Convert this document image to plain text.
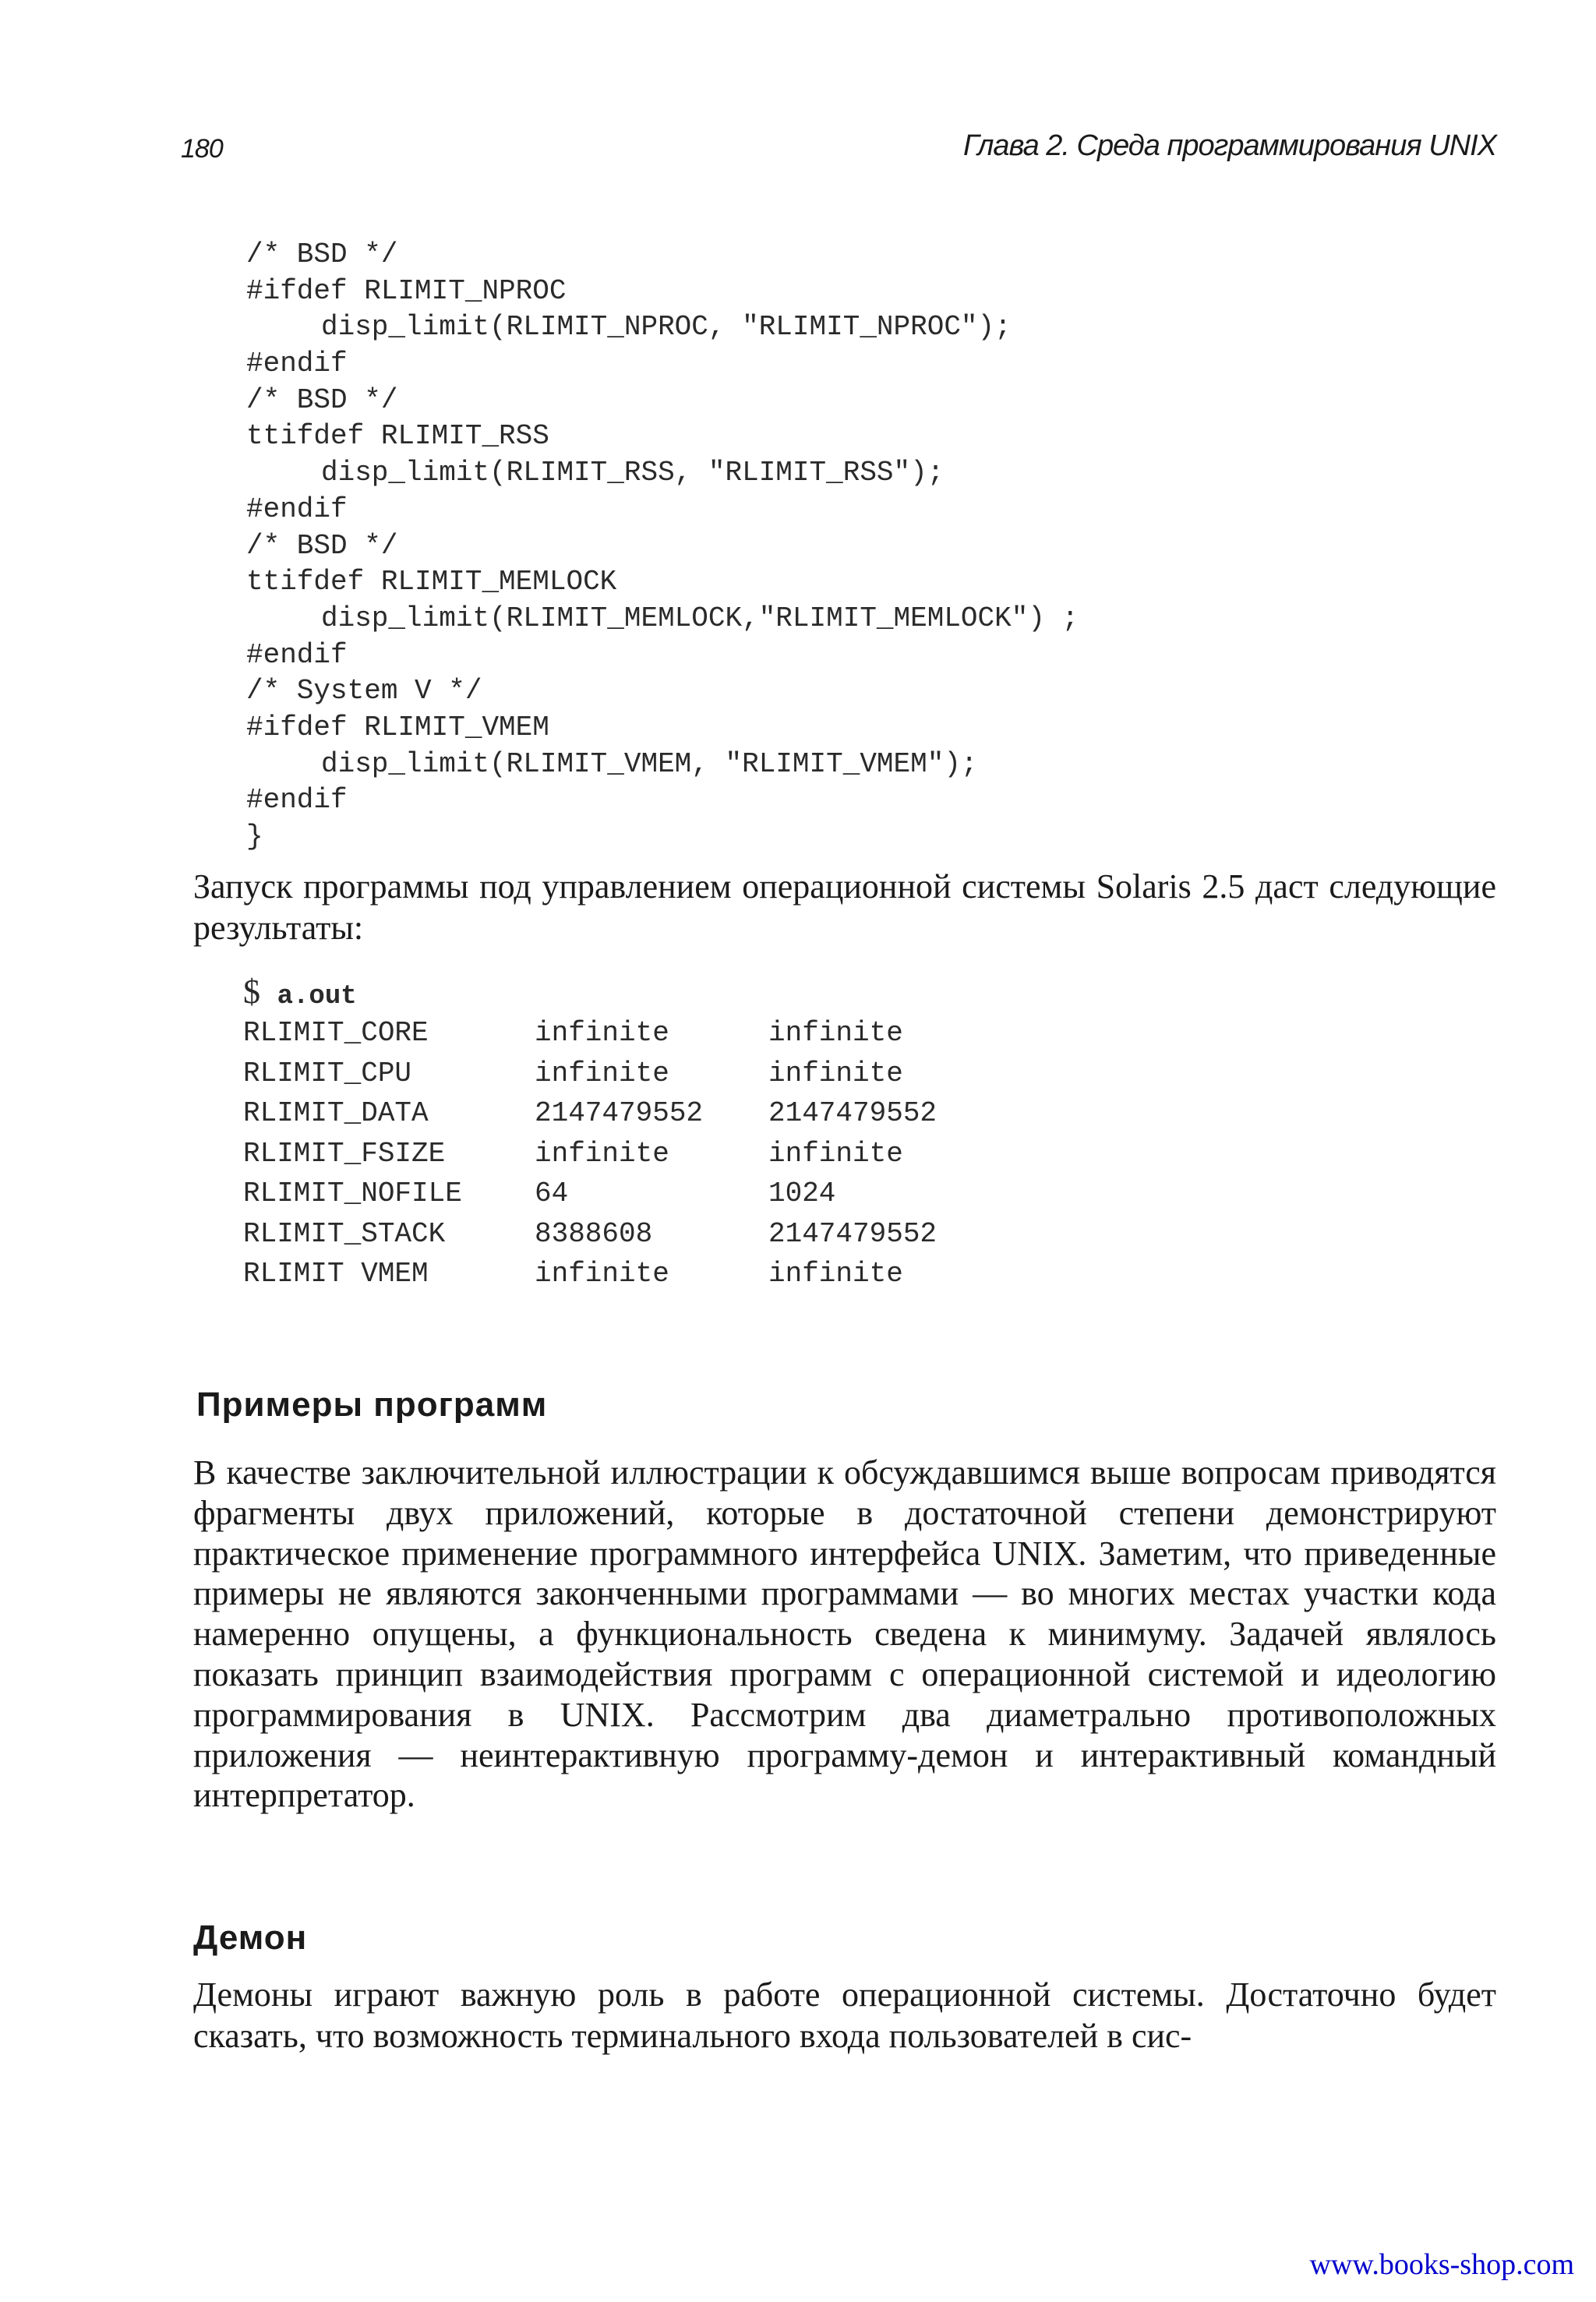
180	Глава 2. Среда программирования UNIX
/* BSD */
#ifdef RLIMIT_NPROC
disp_limit(RLIMIT_NPROC, "RLIMIT_NPROC");
#endif
/* BSD */
ttifdef RLIMIT_RSS
disp_limit(RLIMIT_RSS, "RLIMIT_RSS");
#endif
/* BSD */
ttifdef RLIMIT_MEMLOCK
disp_limit(RLIMIT_MEMLOCK,"RLIMIT_MEMLOCK") ;
#endif
/* System V */
#ifdef RLIMIT_VMEM
disp_limit(RLIMIT_VMEM, "RLIMIT_VMEM");
#endif
}

Запуск программы под управлением операционной системы Solaris 2.5 даст следующие результаты:

$ a.out
RLIMIT_CORE	infinite	infinite
RLIMIT_CPU	infinite	infinite
RLIMIT_DATA	2147479552	2147479552
RLIMIT_FSIZE	infinite	infinite
RLIMIT_NOFILE	64	1024
RLIMIT_STACK	8388608	2147479552
RLIMIT VMEM	infinite	infinite
Примеры программ

В качестве заключительной иллюстрации к обсуждавшимся выше вопросам приводятся фрагменты двух приложений, которые в достаточной степени демонстрируют практическое применение программного интерфейса UNIX. Заметим, что приведенные примеры не являются законченными программами — во многих местах участки кода намеренно опущены, а функциональность сведена к минимуму. Задачей являлось показать принцип взаимодействия программ с операционной системой и идеологию программирования в UNIX. Рассмотрим два диаметрально противоположных приложения — неинтерактивную программу-демон и интерактивный командный интерпретатор.

Демон

Демоны играют важную роль в работе операционной системы. Достаточно будет сказать, что возможность терминального входа пользователей в сис-

www.books-shop.com
